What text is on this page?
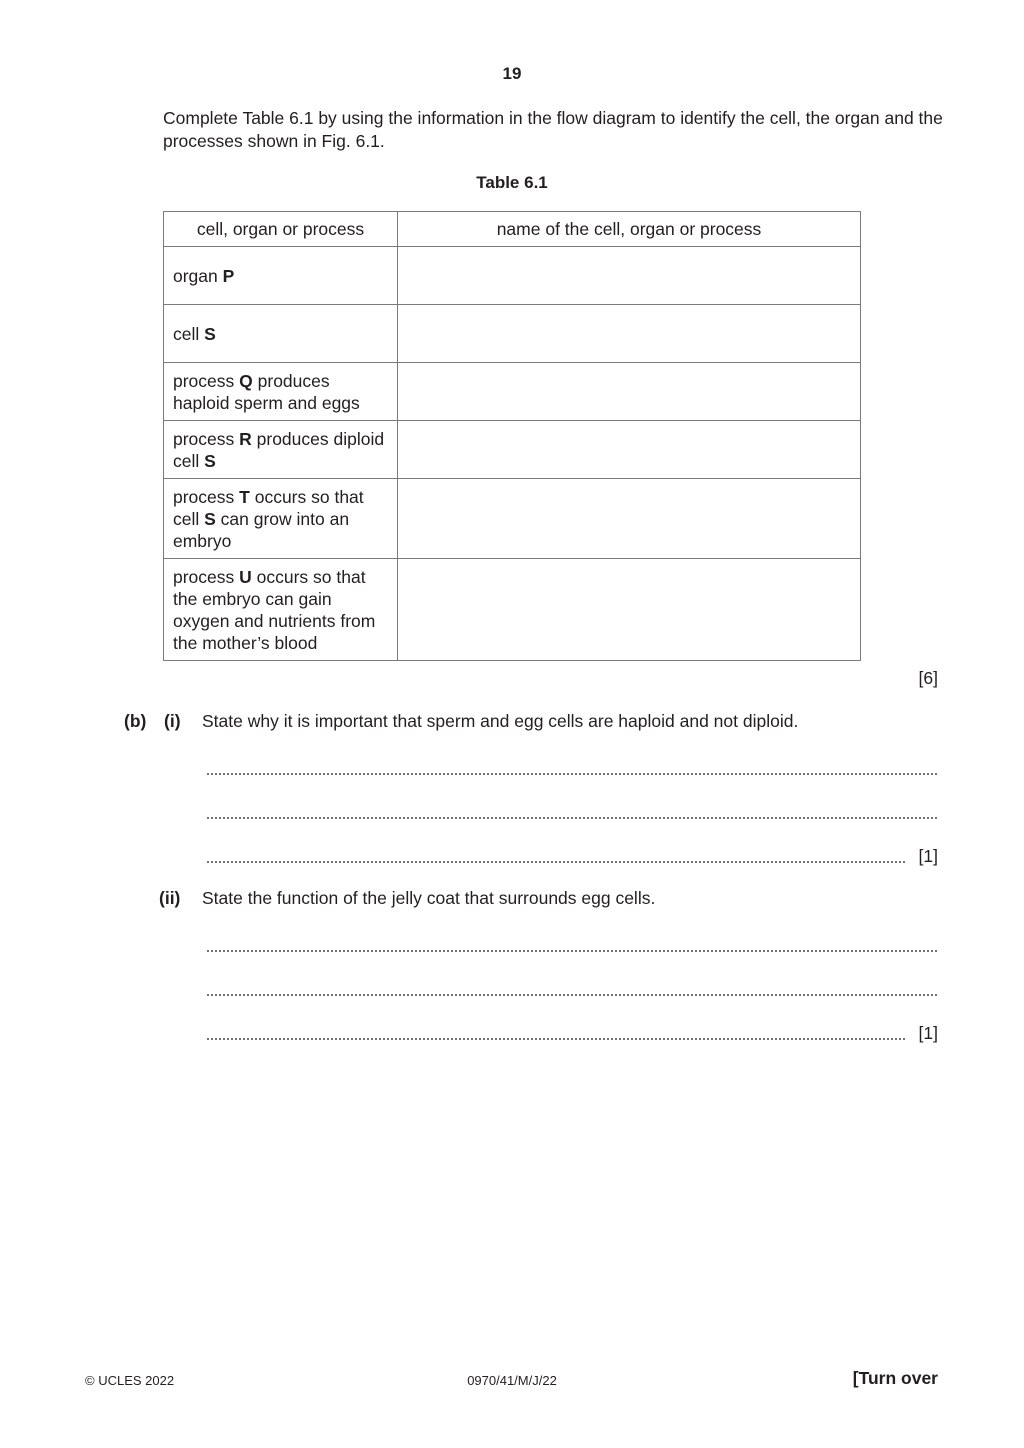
19
Complete Table 6.1 by using the information in the flow diagram to identify the cell, the organ and the processes shown in Fig. 6.1.
Table 6.1
cell, organ or process	name of the cell, organ or process
organ P	
cell S	
process Q produces haploid sperm and eggs	
process R produces diploid cell S	
process T occurs so that cell S can grow into an embryo	
process U occurs so that the embryo can gain oxygen and nutrients from the mother’s blood	
[6]
(b) (i) State why it is important that sperm and egg cells are haploid and not diploid.
[1]
(ii) State the function of the jelly coat that surrounds egg cells.
[1]
© UCLES 2022	0970/41/M/J/22	[Turn over
